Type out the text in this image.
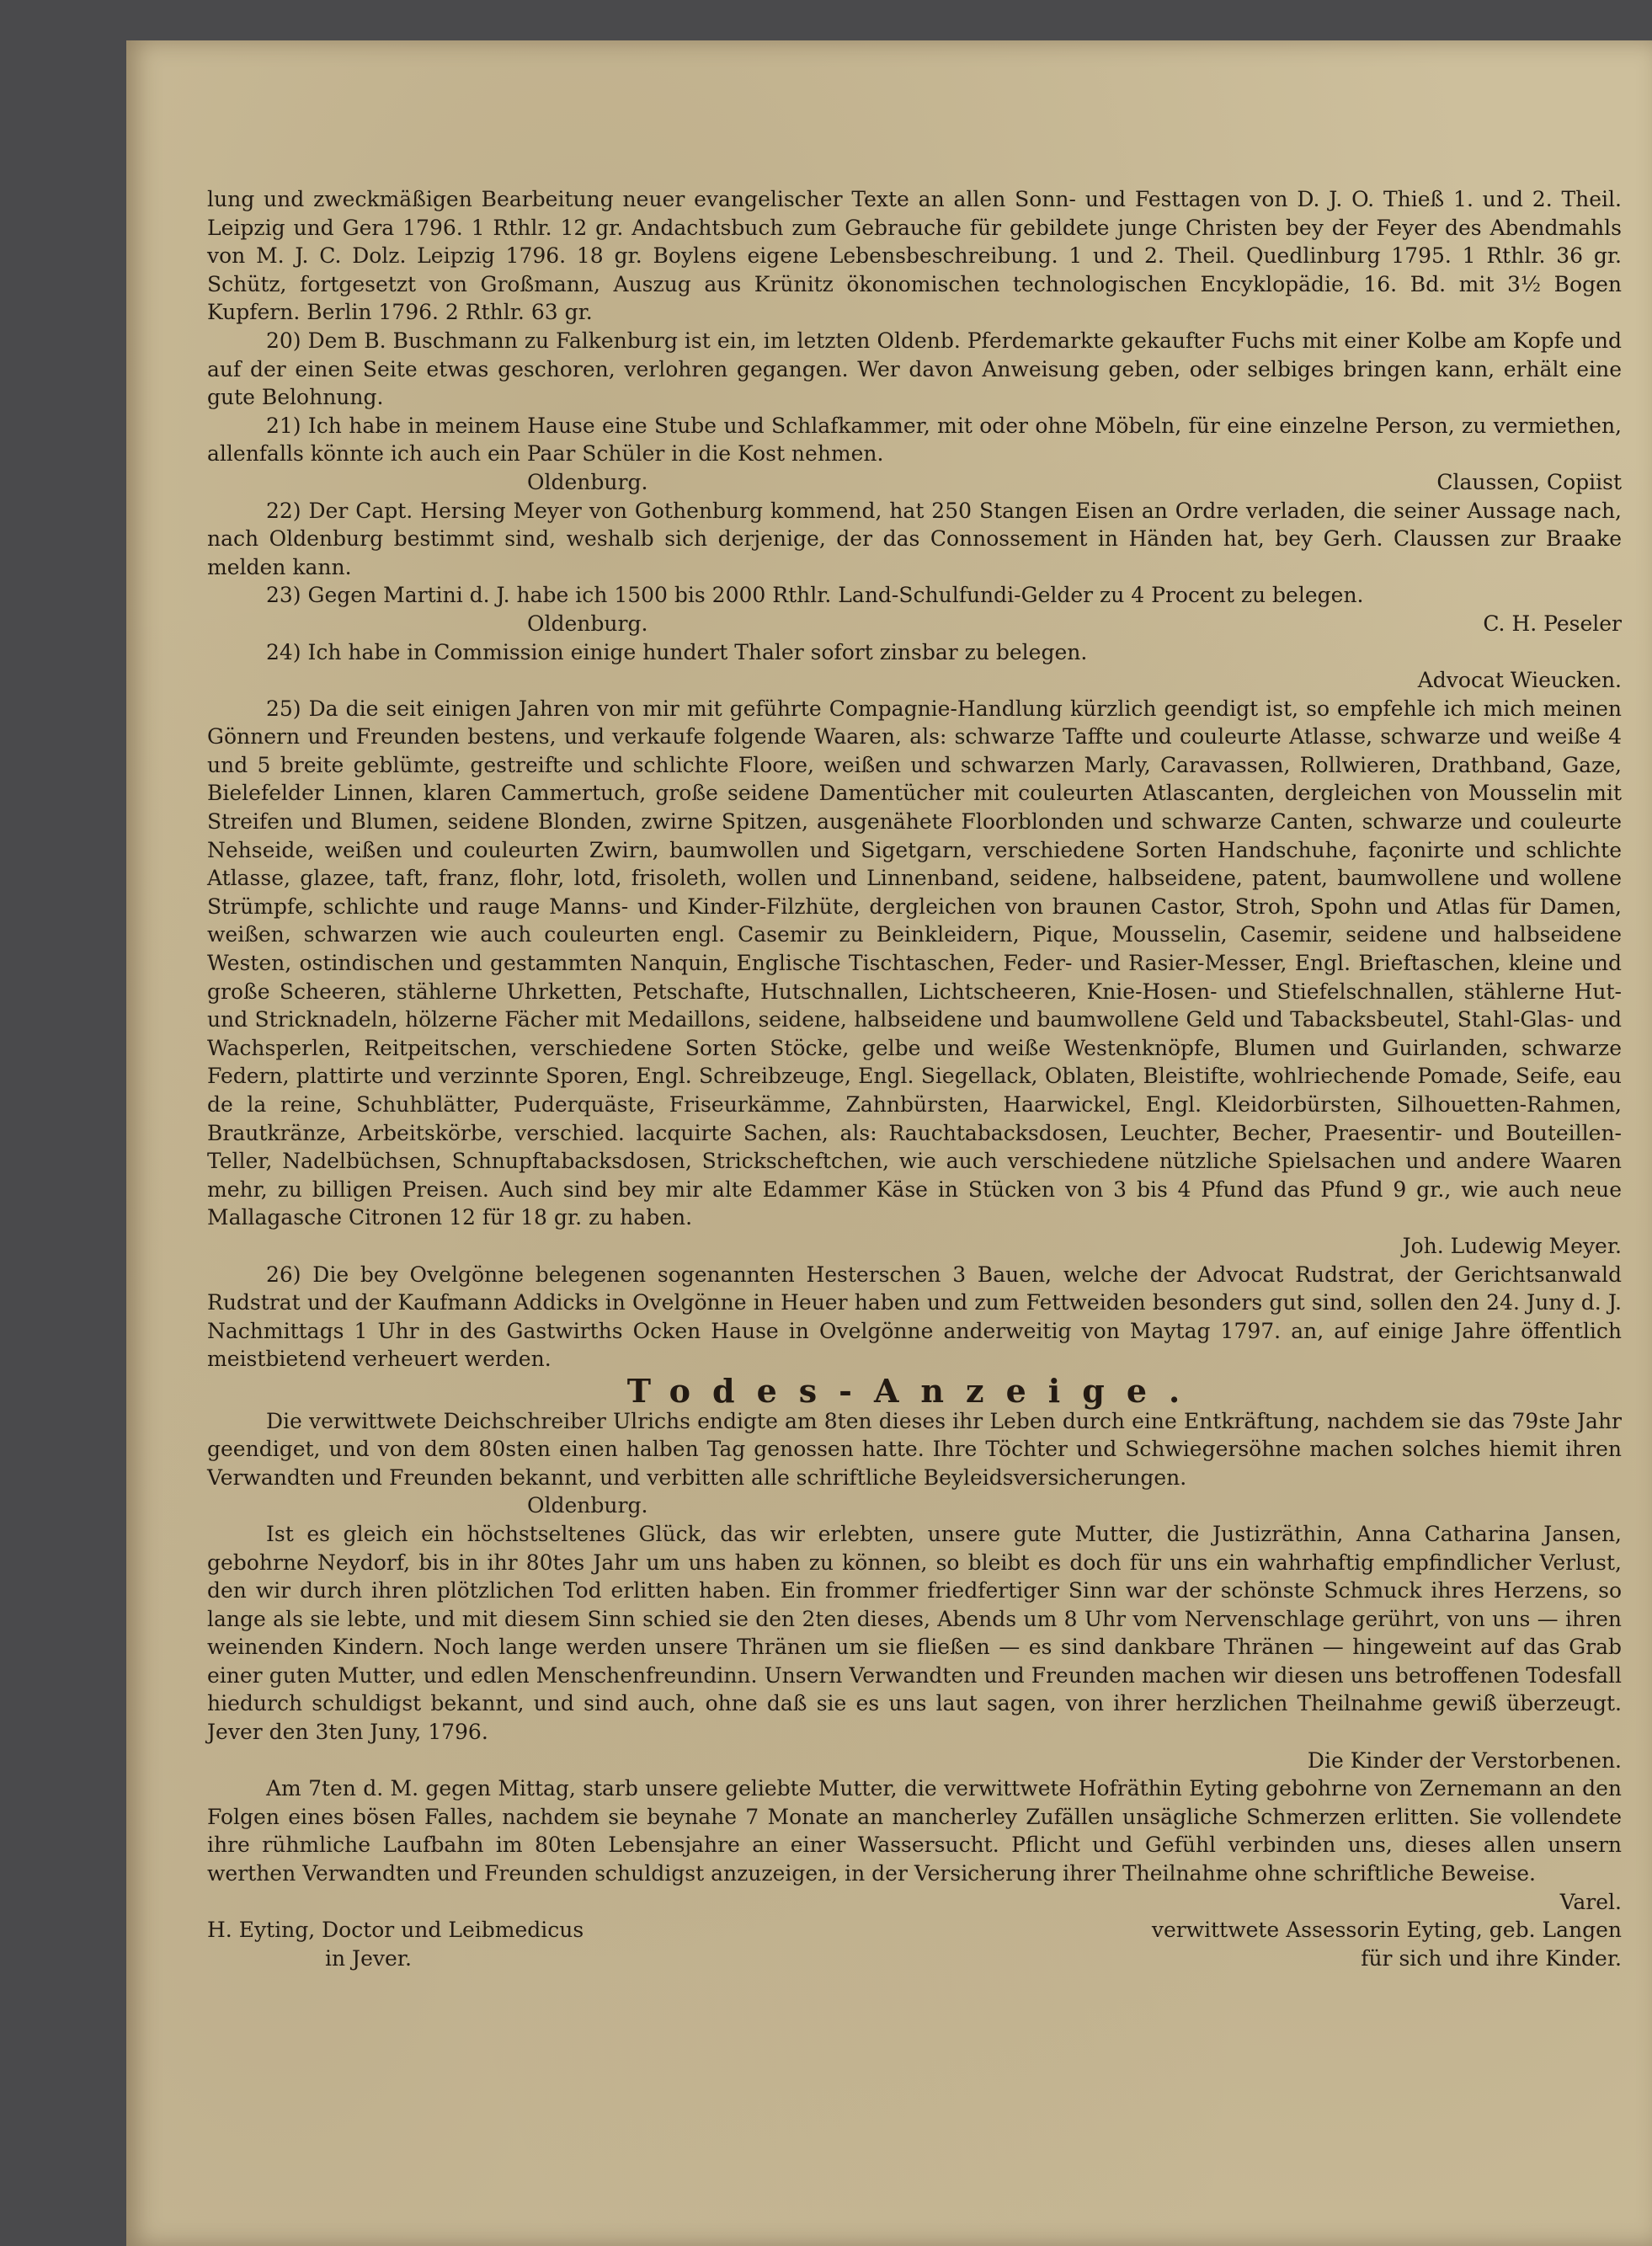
lung und zweckmäßigen Bearbeitung neuer evangelischer Texte an allen Sonn- und Festtagen von D. J. O. Thieß 1. und 2. Theil. Leipzig und Gera 1796. 1 Rthlr. 12 gr. Andachtsbuch zum Gebrauche für gebildete junge Christen bey der Feyer des Abendmahls von M. J. C. Dolz. Leipzig 1796. 18 gr. Boylens eigene Lebensbeschreibung. 1 und 2. Theil. Quedlinburg 1795. 1 Rthlr. 36 gr. Schütz, fortgesetzt von Großmann, Auszug aus Krünitz ökonomischen technologischen Encyklopädie, 16. Bd. mit 3½ Bogen Kupfern. Berlin 1796. 2 Rthlr. 63 gr.

20) Dem B. Buschmann zu Falkenburg ist ein, im letzten Oldenb. Pferdemarkte gekaufter Fuchs mit einer Kolbe am Kopfe und auf der einen Seite etwas geschoren, verlohren gegangen. Wer davon Anweisung geben, oder selbiges bringen kann, erhält eine gute Belohnung.

21) Ich habe in meinem Hause eine Stube und Schlafkammer, mit oder ohne Möbeln, für eine einzelne Person, zu vermiethen, allenfalls könnte ich auch ein Paar Schüler in die Kost nehmen.

Oldenburg.	Claussen, Copiist

22) Der Capt. Hersing Meyer von Gothenburg kommend, hat 250 Stangen Eisen an Ordre verladen, die seiner Aussage nach, nach Oldenburg bestimmt sind, weshalb sich derjenige, der das Connossement in Händen hat, bey Gerh. Claussen zur Braake melden kann.

23) Gegen Martini d. J. habe ich 1500 bis 2000 Rthlr. Land-Schulfundi-Gelder zu 4 Procent zu belegen.

Oldenburg.	C. H. Peseler

24) Ich habe in Commission einige hundert Thaler sofort zinsbar zu belegen.

Advocat Wieucken.

25) Da die seit einigen Jahren von mir mit geführte Compagnie-Handlung kürzlich geendigt ist, so empfehle ich mich meinen Gönnern und Freunden bestens, und verkaufe folgende Waaren, als: schwarze Taffte und couleurte Atlasse, schwarze und weiße 4 und 5 breite geblümte, gestreifte und schlichte Floore, weißen und schwarzen Marly, Caravassen, Rollwieren, Drathband, Gaze, Bielefelder Linnen, klaren Cammertuch, große seidene Damentücher mit couleurten Atlascanten, dergleichen von Mousselin mit Streifen und Blumen, seidene Blonden, zwirne Spitzen, ausgenähete Floorblonden und schwarze Canten, schwarze und couleurte Nehseide, weißen und couleurten Zwirn, baumwollen und Sigetgarn, verschiedene Sorten Handschuhe, façonirte und schlichte Atlasse, glazee, taft, franz, flohr, lotd, frisoleth, wollen und Linnenband, seidene, halbseidene, patent, baumwollene und wollene Strümpfe, schlichte und rauge Manns- und Kinder-Filzhüte, dergleichen von braunen Castor, Stroh, Spohn und Atlas für Damen, weißen, schwarzen wie auch couleurten engl. Casemir zu Beinkleidern, Pique, Mousselin, Casemir, seidene und halbseidene Westen, ostindischen und gestammten Nanquin, Englische Tischtaschen, Feder- und Rasier-Messer, Engl. Brieftaschen, kleine und große Scheeren, stählerne Uhrketten, Petschafte, Hutschnallen, Lichtscheeren, Knie-Hosen- und Stiefelschnallen, stählerne Hut- und Stricknadeln, hölzerne Fächer mit Medaillons, seidene, halbseidene und baumwollene Geld und Tabacksbeutel, Stahl-Glas- und Wachsperlen, Reitpeitschen, verschiedene Sorten Stöcke, gelbe und weiße Westenknöpfe, Blumen und Guirlanden, schwarze Federn, plattirte und verzinnte Sporen, Engl. Schreibzeuge, Engl. Siegellack, Oblaten, Bleistifte, wohlriechende Pomade, Seife, eau de la reine, Schuhblätter, Puderquäste, Friseurkämme, Zahnbürsten, Haarwickel, Engl. Kleidorbürsten, Silhouetten-Rahmen, Brautkränze, Arbeitskörbe, verschied. lacquirte Sachen, als: Rauchtabacksdosen, Leuchter, Becher, Praesentir- und Bouteillen-Teller, Nadelbüchsen, Schnupftabacksdosen, Strickscheftchen, wie auch verschiedene nützliche Spielsachen und andere Waaren mehr, zu billigen Preisen. Auch sind bey mir alte Edammer Käse in Stücken von 3 bis 4 Pfund das Pfund 9 gr., wie auch neue Mallagasche Citronen 12 für 18 gr. zu haben.

Joh. Ludewig Meyer.

26) Die bey Ovelgönne belegenen sogenannten Hesterschen 3 Bauen, welche der Advocat Rudstrat, der Gerichtsanwald Rudstrat und der Kaufmann Addicks in Ovelgönne in Heuer haben und zum Fettweiden besonders gut sind, sollen den 24. Juny d. J. Nachmittags 1 Uhr in des Gastwirths Ocken Hause in Ovelgönne anderweitig von Maytag 1797. an, auf einige Jahre öffentlich meistbietend verheuert werden.

Todes-Anzeige.

Die verwittwete Deichschreiber Ulrichs endigte am 8ten dieses ihr Leben durch eine Entkräftung, nachdem sie das 79ste Jahr geendiget, und von dem 80sten einen halben Tag genossen hatte. Ihre Töchter und Schwiegersöhne machen solches hiemit ihren Verwandten und Freunden bekannt, und verbitten alle schriftliche Beyleidsversicherungen.

Oldenburg.

Ist es gleich ein höchstseltenes Glück, das wir erlebten, unsere gute Mutter, die Justizräthin, Anna Catharina Jansen, gebohrne Neydorf, bis in ihr 80tes Jahr um uns haben zu können, so bleibt es doch für uns ein wahrhaftig empfindlicher Verlust, den wir durch ihren plötzlichen Tod erlitten haben. Ein frommer friedfertiger Sinn war der schönste Schmuck ihres Herzens, so lange als sie lebte, und mit diesem Sinn schied sie den 2ten dieses, Abends um 8 Uhr vom Nervenschlage gerührt, von uns — ihren weinenden Kindern. Noch lange werden unsere Thränen um sie fließen — es sind dankbare Thränen — hingeweint auf das Grab einer guten Mutter, und edlen Menschenfreundinn. Unsern Verwandten und Freunden machen wir diesen uns betroffenen Todesfall hiedurch schuldigst bekannt, und sind auch, ohne daß sie es uns laut sagen, von ihrer herzlichen Theilnahme gewiß überzeugt. Jever den 3ten Juny, 1796.

Die Kinder der Verstorbenen.

Am 7ten d. M. gegen Mittag, starb unsere geliebte Mutter, die verwittwete Hofräthin Eyting gebohrne von Zernemann an den Folgen eines bösen Falles, nachdem sie beynahe 7 Monate an mancherley Zufällen unsägliche Schmerzen erlitten. Sie vollendete ihre rühmliche Laufbahn im 80ten Lebensjahre an einer Wassersucht. Pflicht und Gefühl verbinden uns, dieses allen unsern werthen Verwandten und Freunden schuldigst anzuzeigen, in der Versicherung ihrer Theilnahme ohne schriftliche Beweise.

Varel.

H. Eyting, Doctor und Leibmedicus
in Jever.
verwittwete Assessorin Eyting, geb. Langen
für sich und ihre Kinder.
